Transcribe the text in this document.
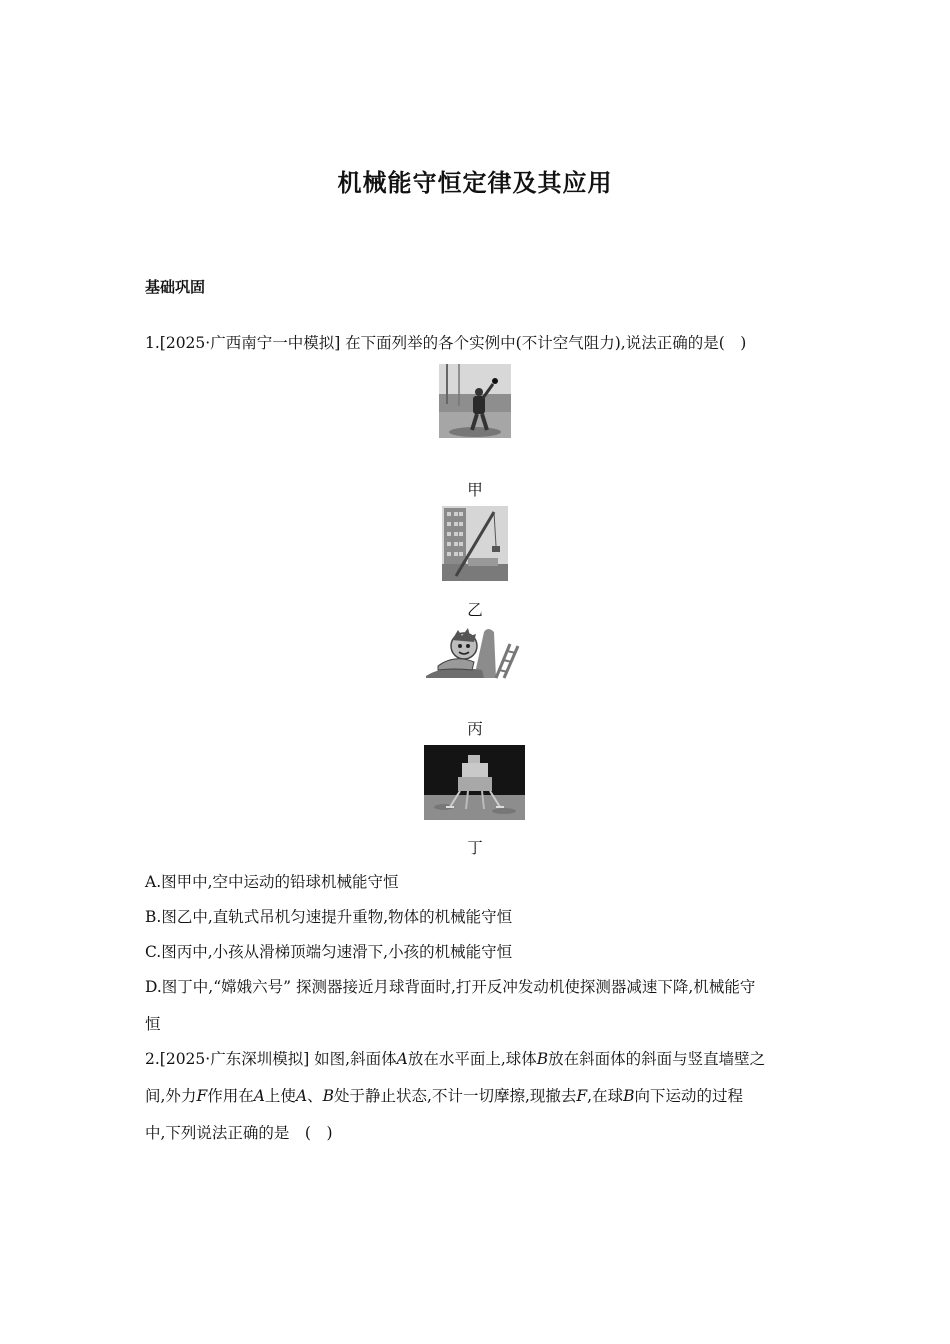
机械能守恒定律及其应用
基础巩固
1.[2025·广西南宁一中模拟] 在下面列举的各个实例中(不计空气阻力),说法正确的是(　)
甲
乙
丙
丁
A.图甲中,空中运动的铅球机械能守恒
B.图乙中,直轨式吊机匀速提升重物,物体的机械能守恒
C.图丙中,小孩从滑梯顶端匀速滑下,小孩的机械能守恒
D.图丁中,“嫦娥六号” 探测器接近月球背面时,打开反冲发动机使探测器减速下降,机械能守
恒
2.[2025·广东深圳模拟] 如图,斜面体A放在水平面上,球体B放在斜面体的斜面与竖直墙壁之
间,外力F作用在A上使A、B处于静止状态,不计一切摩擦,现撤去F,在球B向下运动的过程
中,下列说法正确的是　(　)
